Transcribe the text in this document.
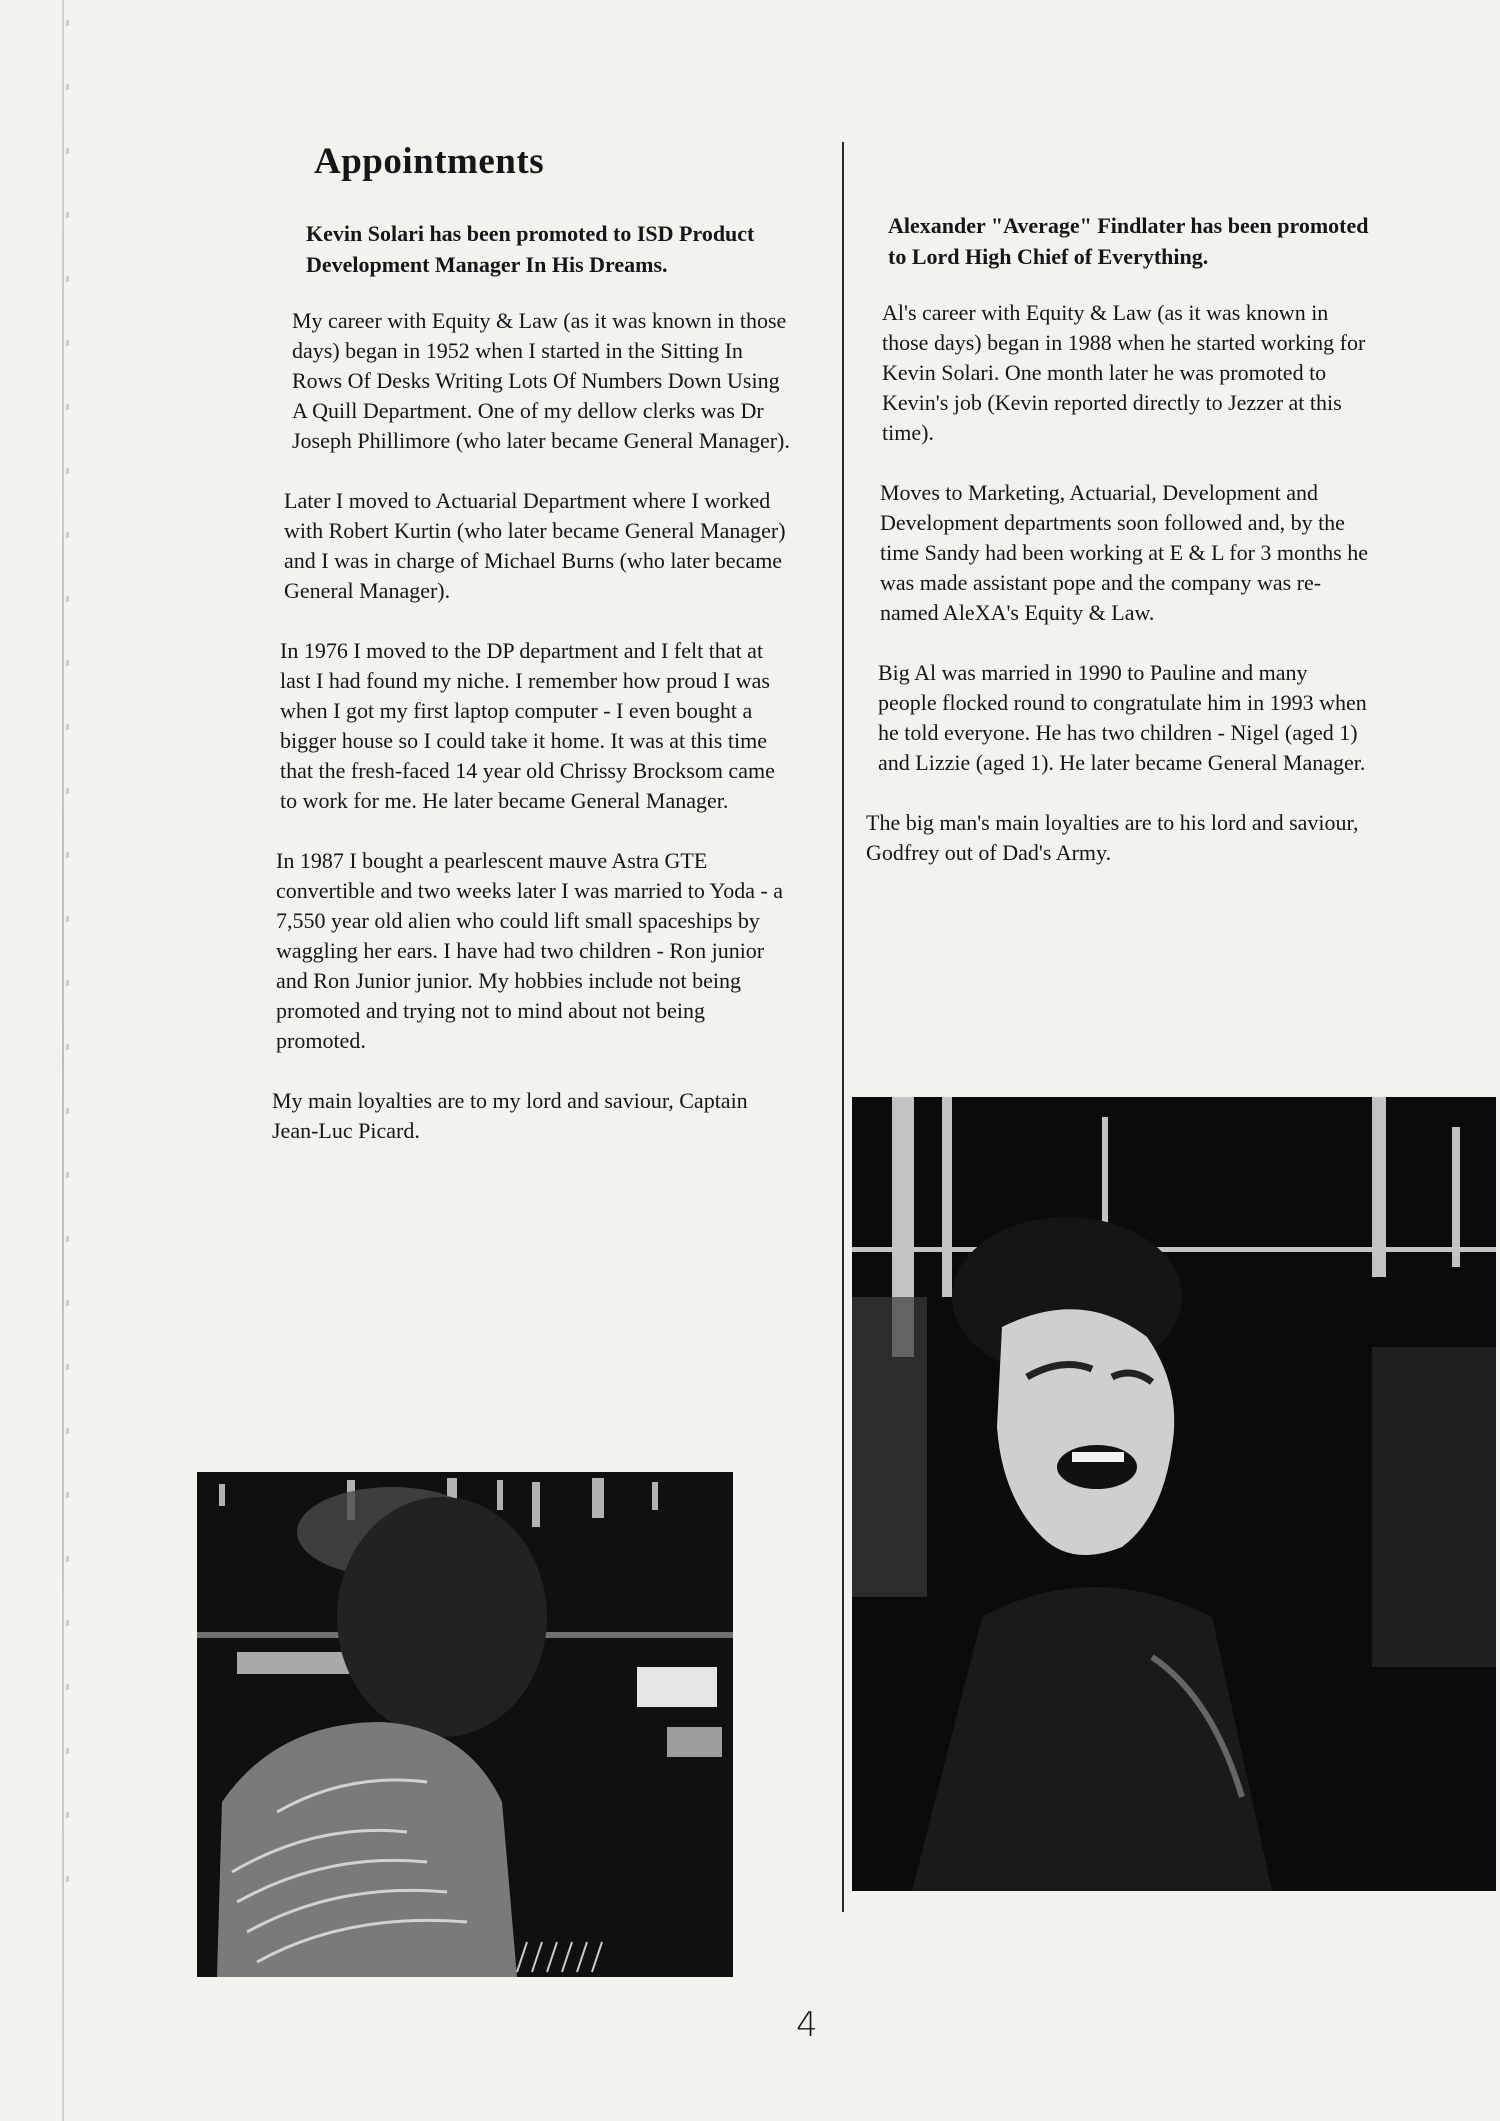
Appointments
Kevin Solari has been promoted to ISD Product Development Manager In His Dreams.
My career with Equity & Law (as it was known in those days) began in 1952 when I started in the Sitting In Rows Of Desks Writing Lots Of Numbers Down Using A Quill Department. One of my dellow clerks was Dr Joseph Phillimore (who later became General Manager).
Later I moved to Actuarial Department where I worked with Robert Kurtin (who later became General Manager) and I was in charge of Michael Burns (who later became General Manager).
In 1976 I moved to the DP department and I felt that at last I had found my niche. I remember how proud I was when I got my first laptop computer - I even bought a bigger house so I could take it home. It was at this time that the fresh-faced 14 year old Chrissy Brocksom came to work for me. He later became General Manager.
In 1987 I bought a pearlescent mauve Astra GTE convertible and two weeks later I was married to Yoda - a 7,550 year old alien who could lift small spaceships by waggling her ears. I have had two children - Ron junior and Ron Junior junior. My hobbies include not being promoted and trying not to mind about not being promoted.
My main loyalties are to my lord and saviour, Captain Jean-Luc Picard.
Alexander "Average" Findlater has been promoted to Lord High Chief of Everything.
Al's career with Equity & Law (as it was known in those days) began in 1988 when he started working for Kevin Solari. One month later he was promoted to Kevin's job (Kevin reported directly to Jezzer at this time).
Moves to Marketing, Actuarial, Development and Development departments soon followed and, by the time Sandy had been working at E & L for 3 months he was made assistant pope and the company was re-named AleXA's Equity & Law.
Big Al was married in 1990 to Pauline and many people flocked round to congratulate him in 1993 when he told everyone. He has two children - Nigel (aged 1) and Lizzie (aged 1). He later became General Manager.
The big man's main loyalties are to his lord and saviour, Godfrey out of Dad's Army.
4
